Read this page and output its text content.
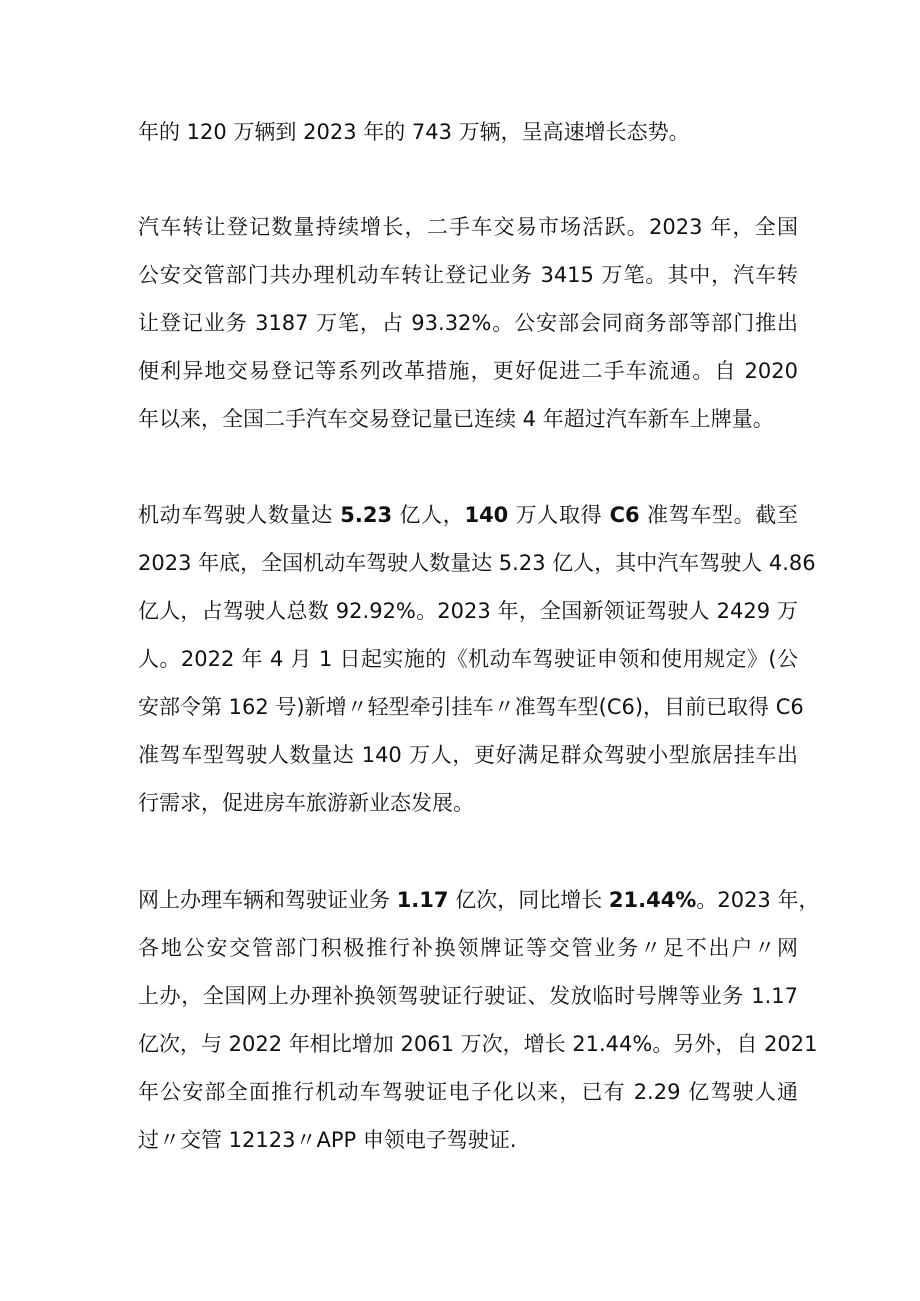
年的 120 万辆到 2023 年的 743 万辆，呈高速增长态势。

汽车转让登记数量持续增长，二手车交易市场活跃。2023 年，全国
公安交管部门共办理机动车转让登记业务 3415 万笔。其中，汽车转
让登记业务 3187 万笔，占 93.32%。公安部会同商务部等部门推出
便利异地交易登记等系列改革措施，更好促进二手车流通。自 2020
年以来，全国二手汽车交易登记量已连续 4 年超过汽车新车上牌量。

机动车驾驶人数量达 5.23 亿人，140 万人取得 C6 准驾车型。截至
2023 年底，全国机动车驾驶人数量达 5.23 亿人，其中汽车驾驶人 4.86
亿人，占驾驶人总数 92.92%。2023 年，全国新领证驾驶人 2429 万
人。2022 年 4 月 1 日起实施的《机动车驾驶证申领和使用规定》(公
安部令第 162 号)新增〃轻型牵引挂车〃准驾车型(C6)，目前已取得 C6
准驾车型驾驶人数量达 140 万人，更好满足群众驾驶小型旅居挂车出
行需求，促进房车旅游新业态发展。

网上办理车辆和驾驶证业务 1.17 亿次，同比增长 21.44%。2023 年，
各地公安交管部门积极推行补换领牌证等交管业务〃足不出户〃网
上办，全国网上办理补换领驾驶证行驶证、发放临时号牌等业务 1.17
亿次，与 2022 年相比增加 2061 万次，增长 21.44%。另外，自 2021
年公安部全面推行机动车驾驶证电子化以来，已有 2.29 亿驾驶人通
过〃交管 12123〃APP 申领电子驾驶证.
